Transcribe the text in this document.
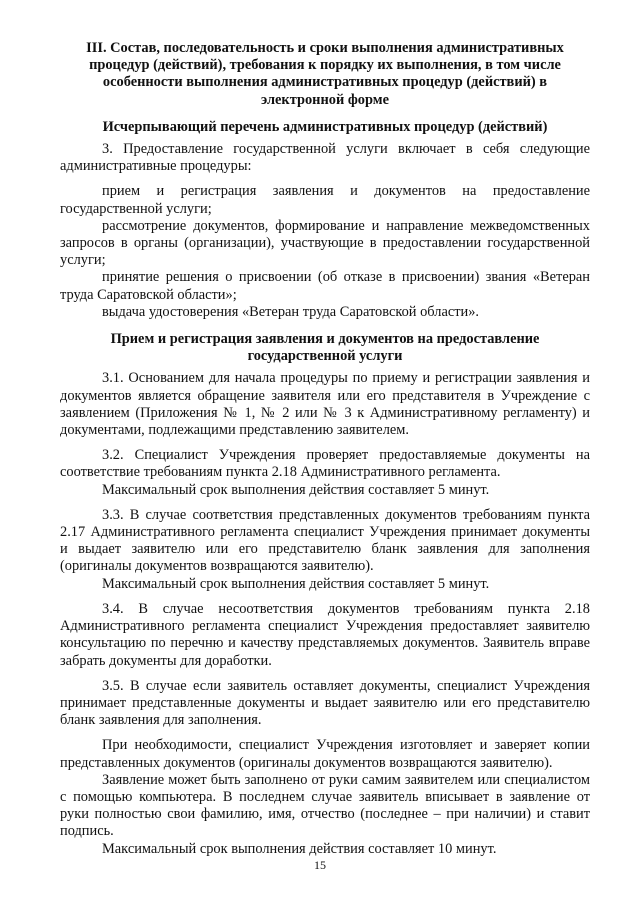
III. Состав, последовательность и сроки выполнения административных процедур (действий), требования к порядку их выполнения, в том числе особенности выполнения административных процедур (действий) в электронной форме
Исчерпывающий перечень административных процедур (действий)

3. Предоставление государственной услуги включает в себя следующие административные процедуры:

прием и регистрация заявления и документов на предоставление государственной услуги;

рассмотрение документов, формирование и направление межведомственных запросов в органы (организации), участвующие в предоставлении государственной услуги;

принятие решения о присвоении (об отказе в присвоении) звания «Ветеран труда Саратовской области»;

выдача удостоверения «Ветеран труда Саратовской области».

Прием и регистрация заявления и документов на предоставление государственной услуги

3.1. Основанием для начала процедуры по приему и регистрации заявления и документов является обращение заявителя или его представителя в Учреждение с заявлением (Приложения № 1, № 2 или № 3 к Административному регламенту) и документами, подлежащими представлению заявителем.

3.2. Специалист Учреждения проверяет предоставляемые документы на соответствие требованиям пункта 2.18 Административного регламента.

Максимальный срок выполнения действия составляет 5 минут.

3.3. В случае соответствия представленных документов требованиям пункта 2.17 Административного регламента специалист Учреждения принимает документы и выдает заявителю или его представителю бланк заявления для заполнения (оригиналы документов возвращаются заявителю).

Максимальный срок выполнения действия составляет 5 минут.

3.4. В случае несоответствия документов требованиям пункта 2.18 Административного регламента специалист Учреждения предоставляет заявителю консультацию по перечню и качеству представляемых документов. Заявитель вправе забрать документы для доработки.

3.5. В случае если заявитель оставляет документы, специалист Учреждения принимает представленные документы и выдает заявителю или его представителю бланк заявления для заполнения.

При необходимости, специалист Учреждения изготовляет и заверяет копии представленных документов (оригиналы документов возвращаются заявителю).

Заявление может быть заполнено от руки самим заявителем или специалистом с помощью компьютера. В последнем случае заявитель вписывает в заявление от руки полностью свои фамилию, имя, отчество (последнее – при наличии) и ставит подпись.

Максимальный срок выполнения действия составляет 10 минут.

15
